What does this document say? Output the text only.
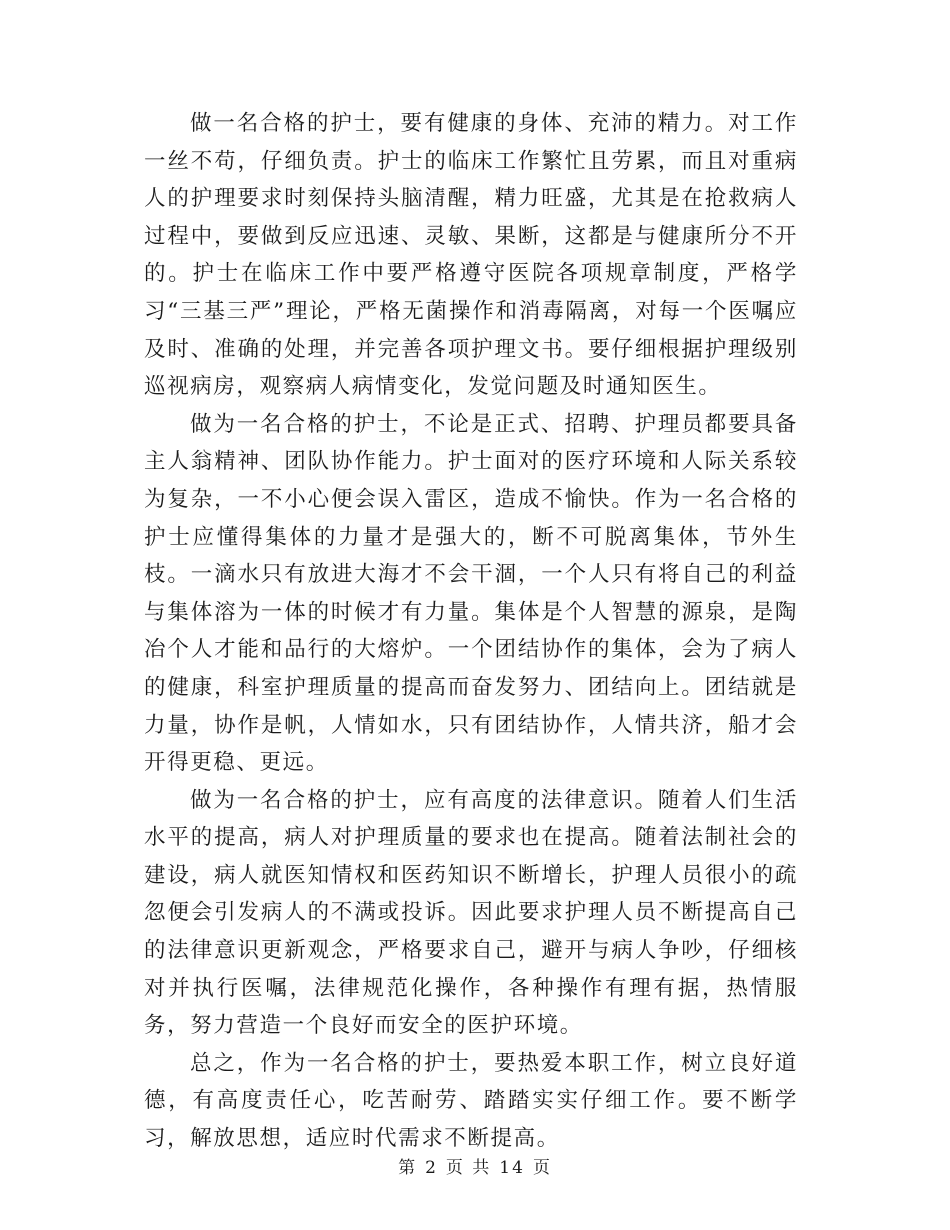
做一名合格的护士，要有健康的身体、充沛的精力。对工作一丝不苟，仔细负责。护士的临床工作繁忙且劳累，而且对重病人的护理要求时刻保持头脑清醒，精力旺盛，尤其是在抢救病人过程中，要做到反应迅速、灵敏、果断，这都是与健康所分不开的。护士在临床工作中要严格遵守医院各项规章制度，严格学习“三基三严”理论，严格无菌操作和消毒隔离，对每一个医嘱应及时、准确的处理，并完善各项护理文书。要仔细根据护理级别巡视病房，观察病人病情变化，发觉问题及时通知医生。

做为一名合格的护士，不论是正式、招聘、护理员都要具备主人翁精神、团队协作能力。护士面对的医疗环境和人际关系较为复杂，一不小心便会误入雷区，造成不愉快。作为一名合格的护士应懂得集体的力量才是强大的，断不可脱离集体，节外生枝。一滴水只有放进大海才不会干涸，一个人只有将自己的利益与集体溶为一体的时候才有力量。集体是个人智慧的源泉，是陶冶个人才能和品行的大熔炉。一个团结协作的集体，会为了病人的健康，科室护理质量的提高而奋发努力、团结向上。团结就是力量，协作是帆，人情如水，只有团结协作，人情共济，船才会开得更稳、更远。

做为一名合格的护士，应有高度的法律意识。随着人们生活水平的提高，病人对护理质量的要求也在提高。随着法制社会的建设，病人就医知情权和医药知识不断增长，护理人员很小的疏忽便会引发病人的不满或投诉。因此要求护理人员不断提高自己的法律意识更新观念，严格要求自己，避开与病人争吵，仔细核对并执行医嘱，法律规范化操作，各种操作有理有据，热情服务，努力营造一个良好而安全的医护环境。

总之，作为一名合格的护士，要热爱本职工作，树立良好道德，有高度责任心，吃苦耐劳、踏踏实实仔细工作。要不断学习，解放思想，适应时代需求不断提高。

第 2 页 共 14 页
